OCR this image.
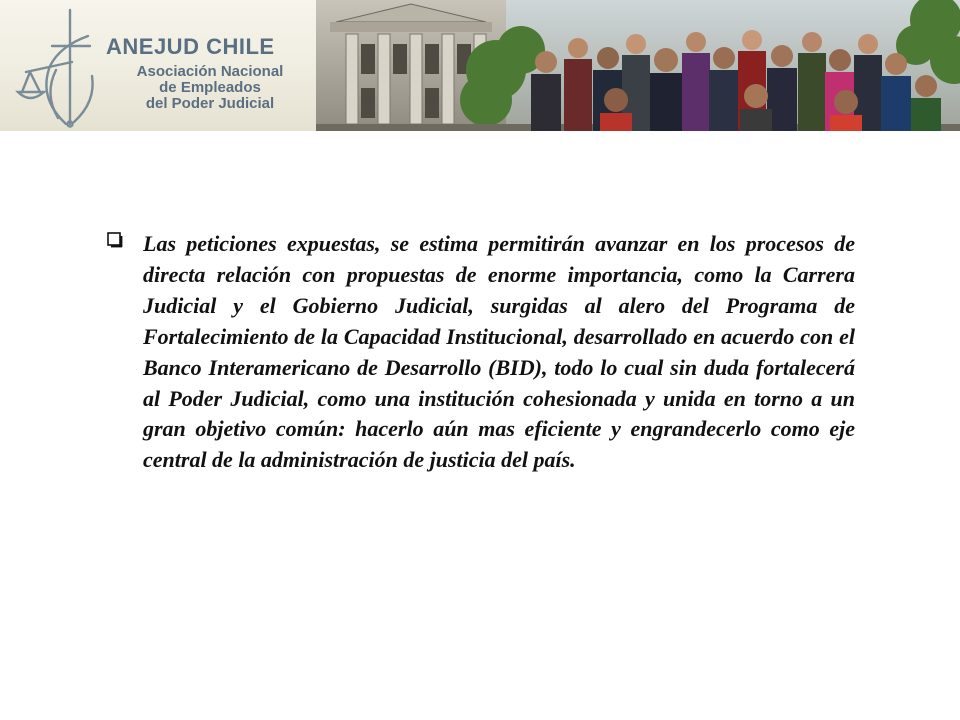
ANEJUD CHILE
Asociación Nacional
de Empleados
del Poder Judicial

Las peticiones expuestas, se estima permitirán avanzar en los procesos de directa relación con propuestas de enorme importancia, como la Carrera Judicial y el Gobierno Judicial, surgidas al alero del Programa de Fortalecimiento de la Capacidad Institucional, desarrollado en acuerdo con el Banco Interamericano de Desarrollo (BID), todo lo cual sin duda fortalecerá al Poder Judicial, como una institución cohesionada y unida en torno a un gran objetivo común: hacerlo aún mas eficiente y engrandecerlo como eje central de la administración de justicia del país.
